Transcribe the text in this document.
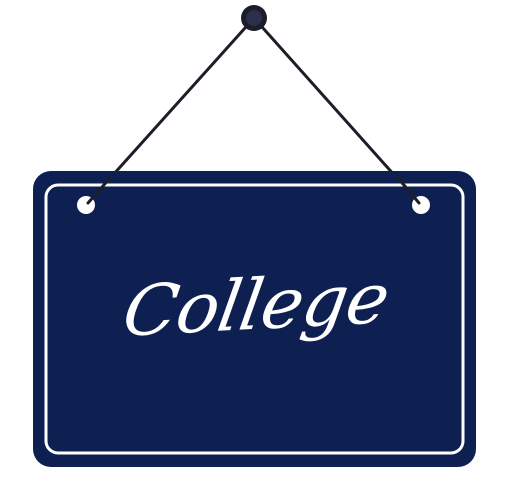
College
